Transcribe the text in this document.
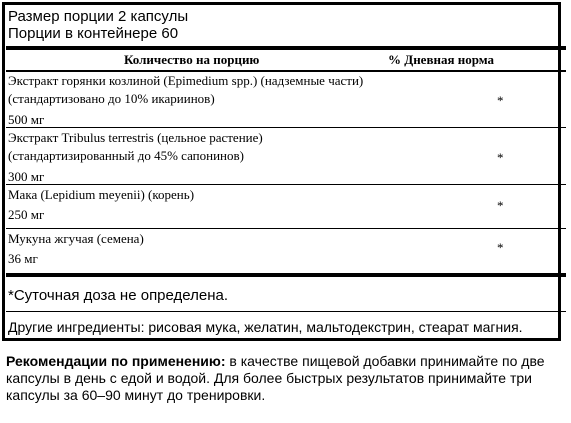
Размер порции 2 капсулы
Порции в контейнере 60
Количество на порцию	% Дневная норма
Экстракт горянки козлиной (Epimedium spp.) (надземные части) (стандартизовано до 10% икариинов)
500 мг
*
Экстракт Tribulus terrestris (цельное растение) (стандартизированный до 45% сапонинов)
300 мг
*
Мака (Lepidium meyenii) (корень)
250 мг
*
Мукуна жгучая (семена)
36 мг
*
*Суточная доза не определена.
Другие ингредиенты: рисовая мука, желатин, мальтодекстрин, стеарат магния.
Рекомендации по применению: в качестве пищевой добавки принимайте по две капсулы в день с едой и водой. Для более быстрых результатов принимайте три капсулы за 60–90 минут до тренировки.
